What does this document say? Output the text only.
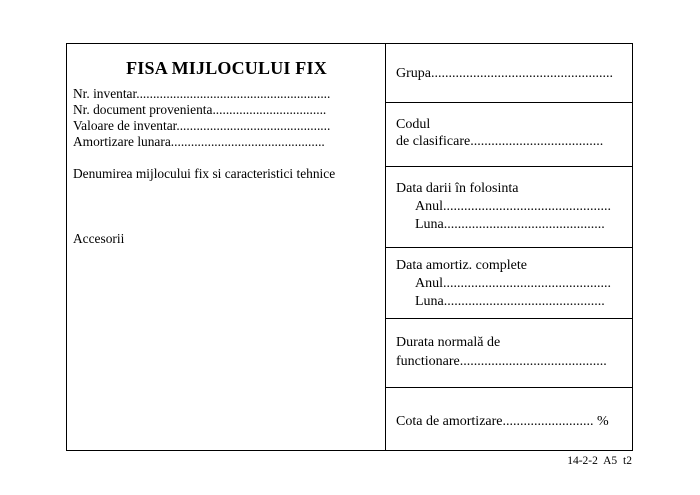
FISA MIJLOCULUI FIX
Nr. inventar..........................................................
Nr. document provenienta..................................
Valoare de inventar..............................................
Amortizare lunara..............................................
Denumirea mijlocului fix si caracteristici tehnice
Accesorii
Grupa....................................................
Codul
de clasificare......................................
Data darii în folosinta
Anul................................................
Luna..............................................
Data amortiz. complete
Anul................................................
Luna..............................................
Durata normală de
functionare..........................................
Cota de amortizare.......................... %
14-2-2 A5 t2
